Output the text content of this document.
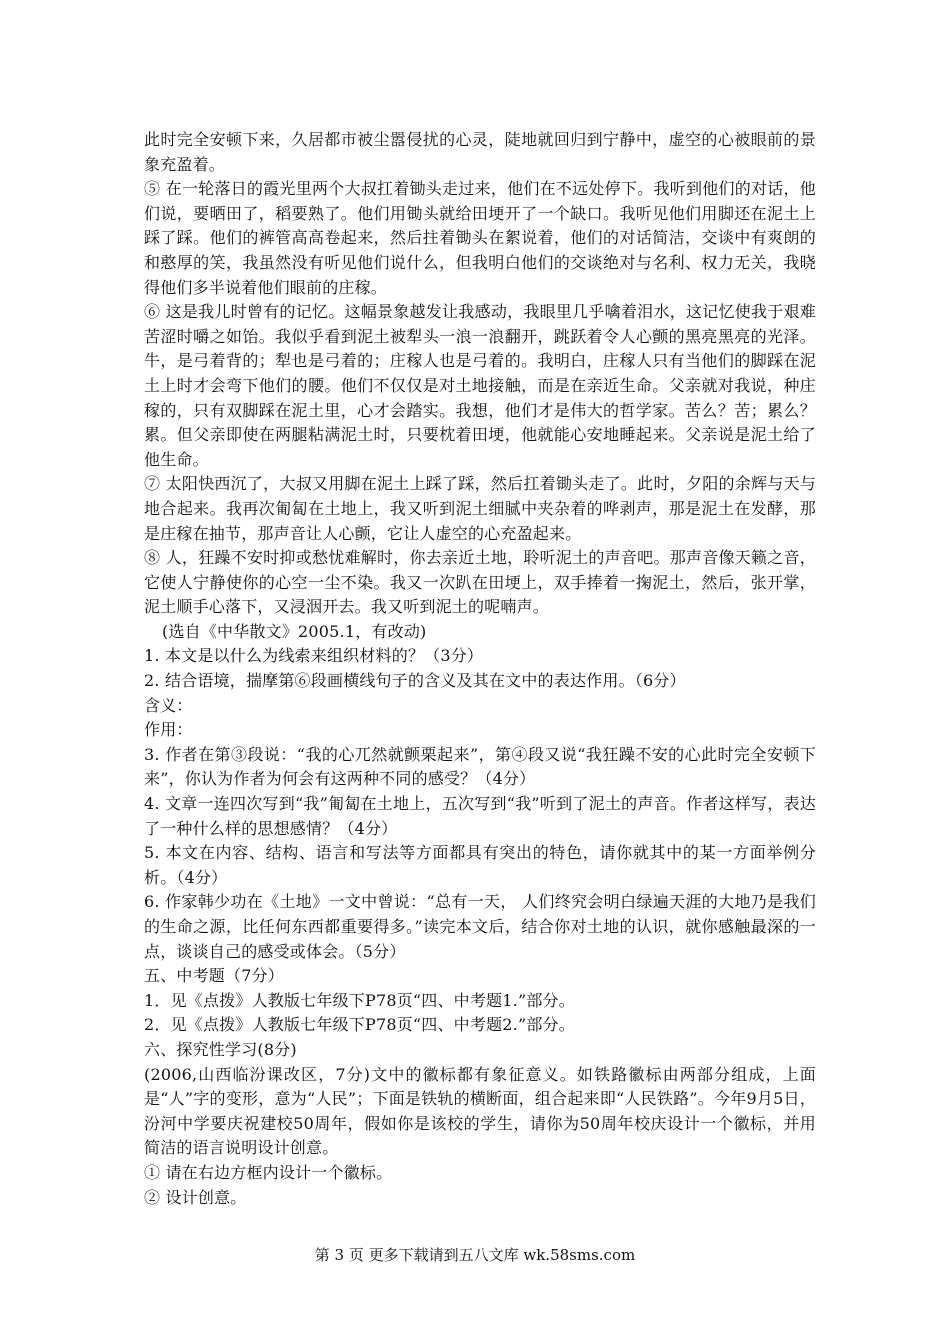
此时完全安顿下来，久居都市被尘嚣侵扰的心灵，陡地就回归到宁静中，虚空的心被眼前的景象充盈着。

⑤ 在一轮落日的霞光里两个大叔扛着锄头走过来，他们在不远处停下。我听到他们的对话，他们说，要晒田了，稻要熟了。他们用锄头就给田埂开了一个缺口。我听见他们用脚还在泥土上踩了踩。他们的裤管高高卷起来，然后拄着锄头在絮说着，他们的对话简洁，交谈中有爽朗的和憨厚的笑，我虽然没有听见他们说什么，但我明白他们的交谈绝对与名利、权力无关，我晓得他们多半说着他们眼前的庄稼。

⑥ 这是我儿时曾有的记忆。这幅景象越发让我感动，我眼里几乎噙着泪水，这记忆使我于艰难苦涩时嚼之如饴。我似乎看到泥土被犁头一浪一浪翻开，跳跃着令人心颤的黑亮黑亮的光泽。牛，是弓着背的；犁也是弓着的；庄稼人也是弓着的。我明白，庄稼人只有当他们的脚踩在泥土上时才会弯下他们的腰。他们不仅仅是对土地接触，而是在亲近生命。父亲就对我说，种庄稼的，只有双脚踩在泥土里，心才会踏实。我想，他们才是伟大的哲学家。苦么？苦；累么？累。但父亲即使在两腿粘满泥土时，只要枕着田埂，他就能心安地睡起来。父亲说是泥土给了他生命。

⑦ 太阳快西沉了，大叔又用脚在泥土上踩了踩，然后扛着锄头走了。此时，夕阳的余辉与天与地合起来。我再次匍匐在土地上，我又听到泥土细腻中夹杂着的哗剥声，那是泥土在发酵，那是庄稼在抽节，那声音让人心颤，它让人虚空的心充盈起来。

⑧ 人，狂躁不安时抑或愁忧难解时，你去亲近土地，聆听泥土的声音吧。那声音像天籁之音，它使人宁静使你的心空一尘不染。我又一次趴在田埂上，双手捧着一掬泥土，然后，张开掌，泥土顺手心落下，又浸洇开去。我又听到泥土的呢喃声。

(选自《中华散文》2005.1，有改动)

1. 本文是以什么为线索来组织材料的？（3分）

2. 结合语境，揣摩第⑥段画横线句子的含义及其在文中的表达作用。（6分）

含义：

作用：

3. 作者在第③段说：“我的心兀然就颤栗起来”，第④段又说“我狂躁不安的心此时完全安顿下来”，你认为作者为何会有这两种不同的感受？（4分）

4. 文章一连四次写到“我”匍匐在土地上，五次写到“我”听到了泥土的声音。作者这样写，表达了一种什么样的思想感情？（4分）

5. 本文在内容、结构、语言和写法等方面都具有突出的特色，请你就其中的某一方面举例分析。（4分）

6. 作家韩少功在《土地》一文中曾说：“总有一天， 人们终究会明白绿遍天涯的大地乃是我们的生命之源，比任何东西都重要得多。”读完本文后，结合你对土地的认识，就你感触最深的一点，谈谈自己的感受或体会。（5分）

五、中考题（7分）

1．见《点拨》人教版七年级下P78页“四、中考题1.”部分。

2．见《点拨》人教版七年级下P78页“四、中考题2.”部分。

六、探究性学习(8分)

(2006,山西临汾课改区，7分)文中的徽标都有象征意义。如铁路徽标由两部分组成，上面是“人”字的变形，意为“人民”；下面是铁轨的横断面，组合起来即“人民铁路”。今年9月5日，汾河中学要庆祝建校50周年，假如你是该校的学生，请你为50周年校庆设计一个徽标，并用简洁的语言说明设计创意。

① 请在右边方框内设计一个徽标。

② 设计创意。

第 3 页 更多下载请到五八文库 wk.58sms.com
